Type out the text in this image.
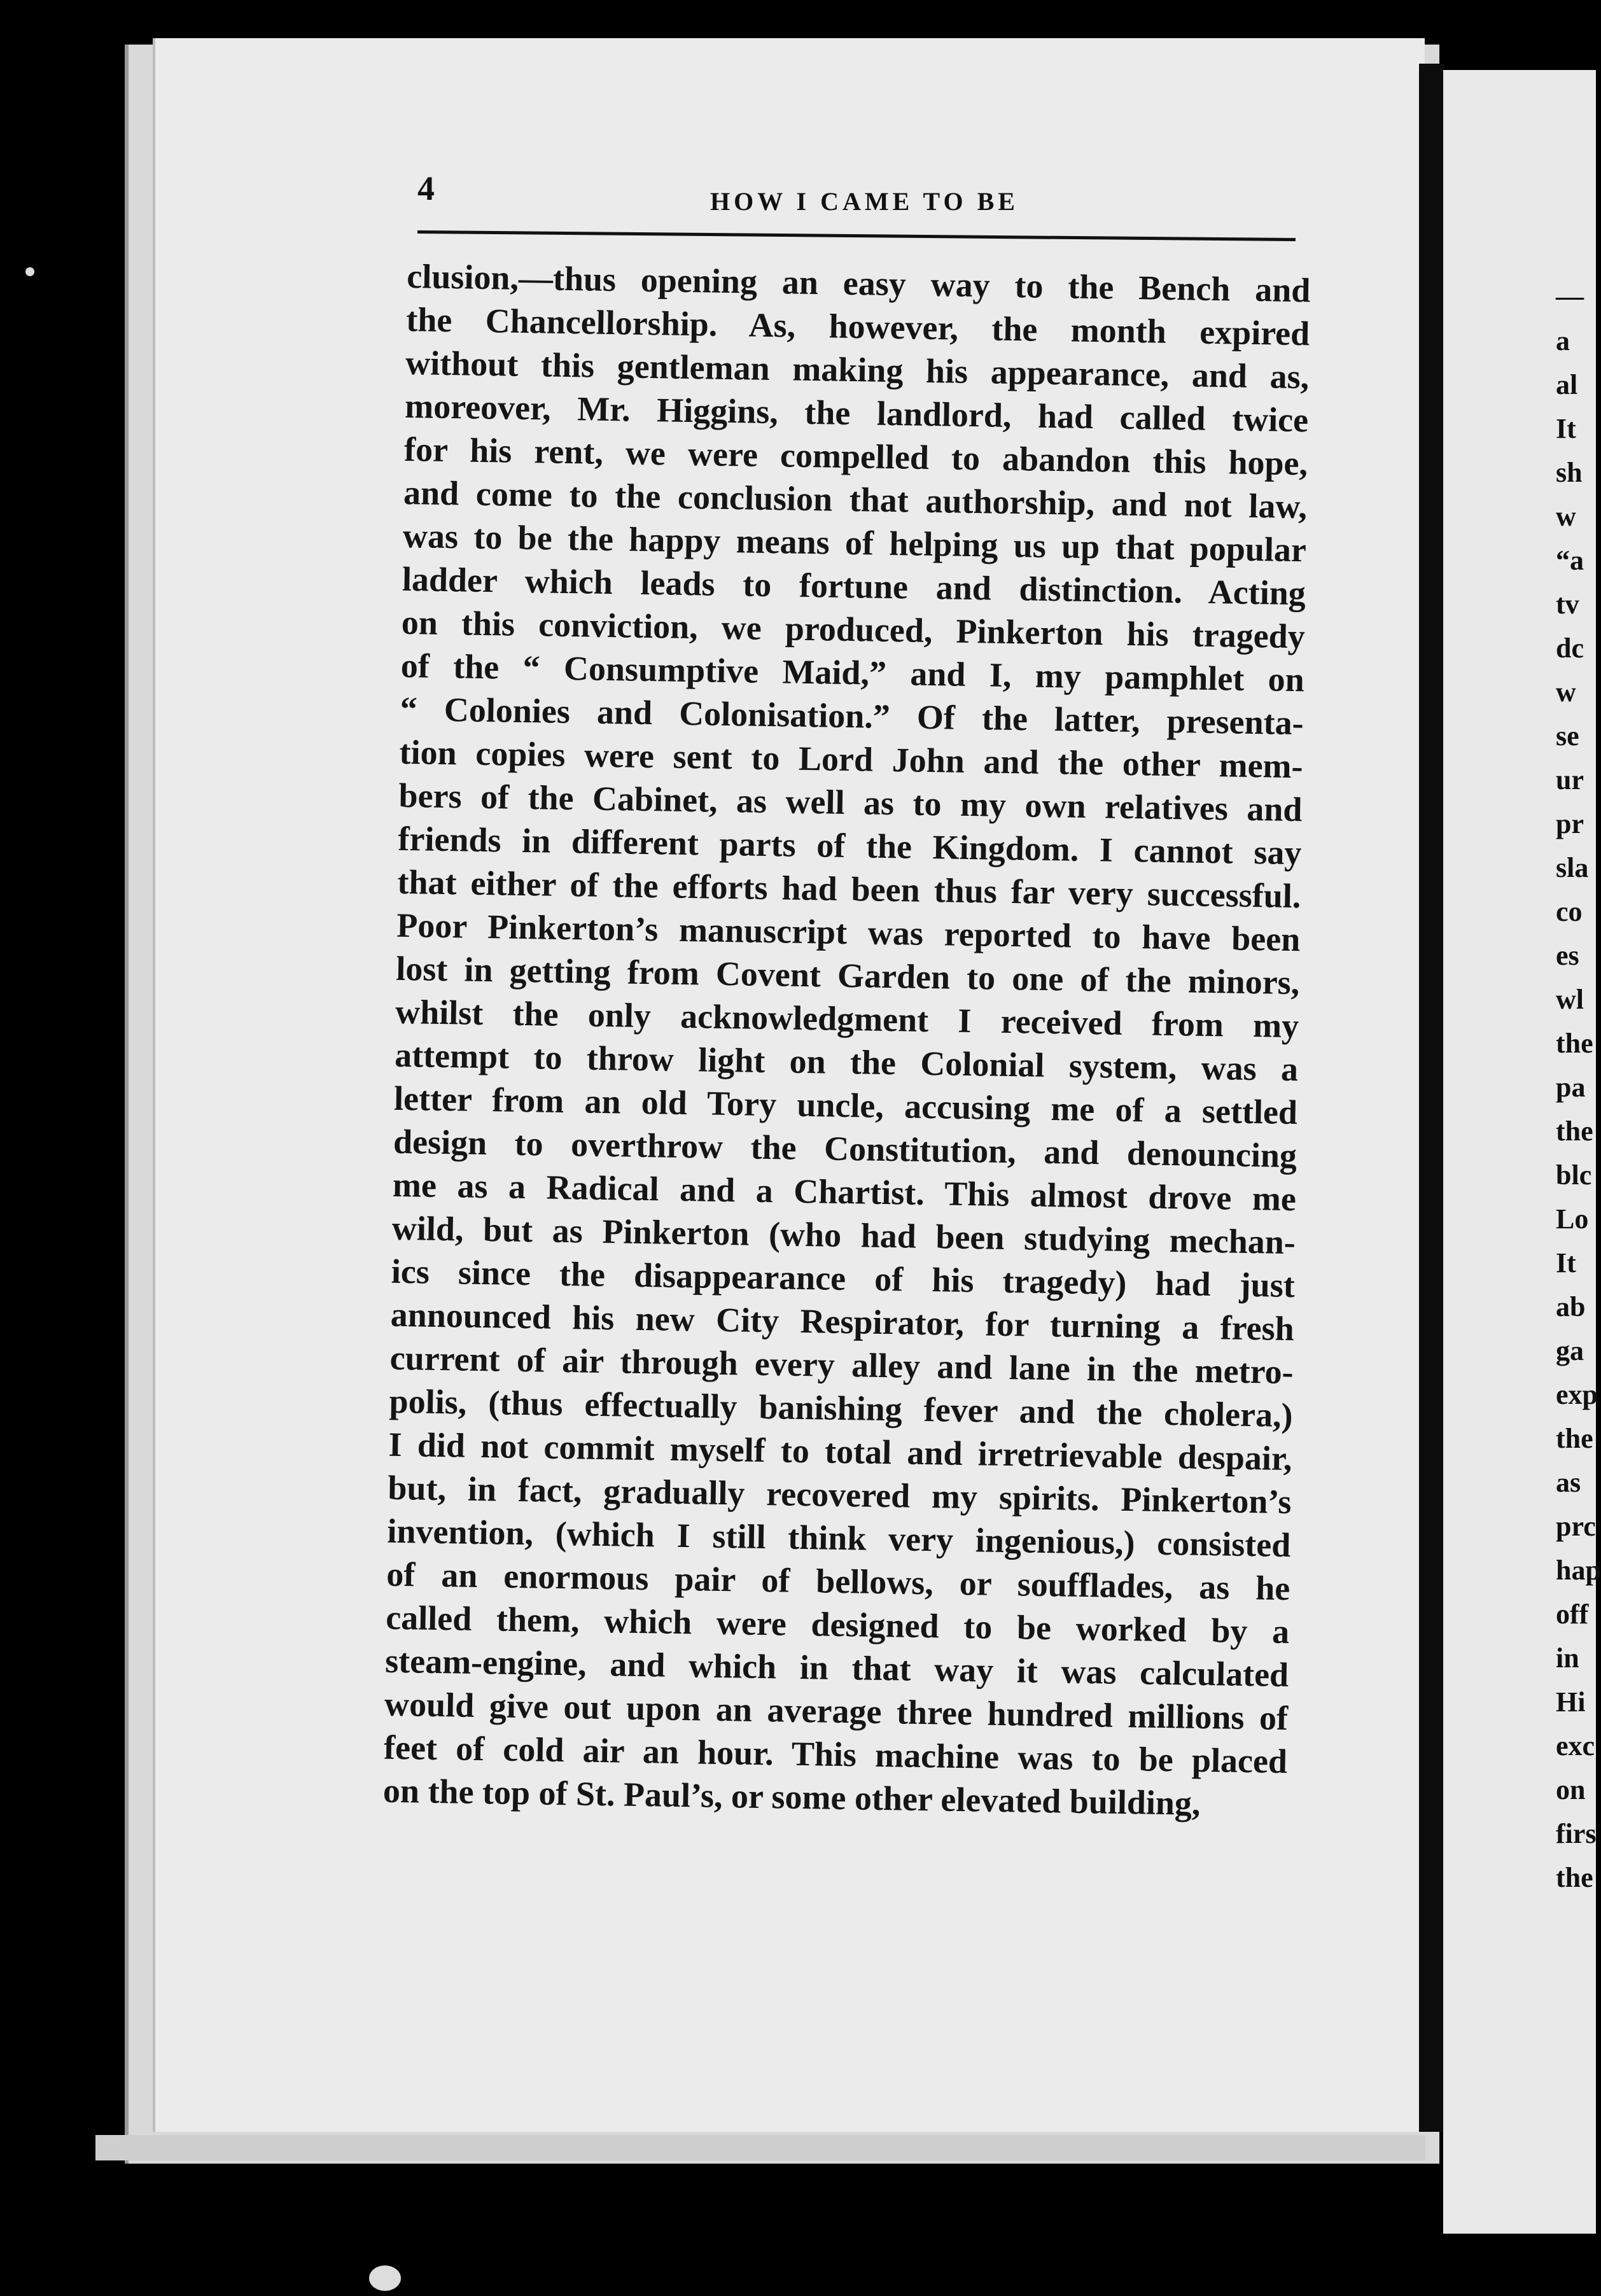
—
a
al
It
sh
w
“a
tv
dc
w
se
ur
pr
sla
co
es
wl
the
pa
the
blc
Lo
It
ab
ga
exp
the
as
prc
hap
off
in
Hi
exc
on
firs
the
4	HOW I CAME TO BE
clusion,—thus opening an easy way to the Bench and
the Chancellorship. As, however, the month expired
without this gentleman making his appearance, and as,
moreover, Mr. Higgins, the landlord, had called twice
for his rent, we were compelled to abandon this hope,
and come to the conclusion that authorship, and not law,
was to be the happy means of helping us up that popular
ladder which leads to fortune and distinction. Acting
on this conviction, we produced, Pinkerton his tragedy
of the “ Consumptive Maid,” and I, my pamphlet on
“ Colonies and Colonisation.” Of the latter, presenta-
tion copies were sent to Lord John and the other mem-
bers of the Cabinet, as well as to my own relatives and
friends in different parts of the Kingdom. I cannot say
that either of the efforts had been thus far very successful.
Poor Pinkerton’s manuscript was reported to have been
lost in getting from Covent Garden to one of the minors,
whilst the only acknowledgment I received from my
attempt to throw light on the Colonial system, was a
letter from an old Tory uncle, accusing me of a settled
design to overthrow the Constitution, and denouncing
me as a Radical and a Chartist. This almost drove me
wild, but as Pinkerton (who had been studying mechan-
ics since the disappearance of his tragedy) had just
announced his new City Respirator, for turning a fresh
current of air through every alley and lane in the metro-
polis, (thus effectually banishing fever and the cholera,)
I did not commit myself to total and irretrievable despair,
but, in fact, gradually recovered my spirits. Pinkerton’s
invention, (which I still think very ingenious,) consisted
of an enormous pair of bellows, or soufflades, as he
called them, which were designed to be worked by a
steam-engine, and which in that way it was calculated
would give out upon an average three hundred millions of
feet of cold air an hour. This machine was to be placed
on the top of St. Paul’s, or some other elevated building,
